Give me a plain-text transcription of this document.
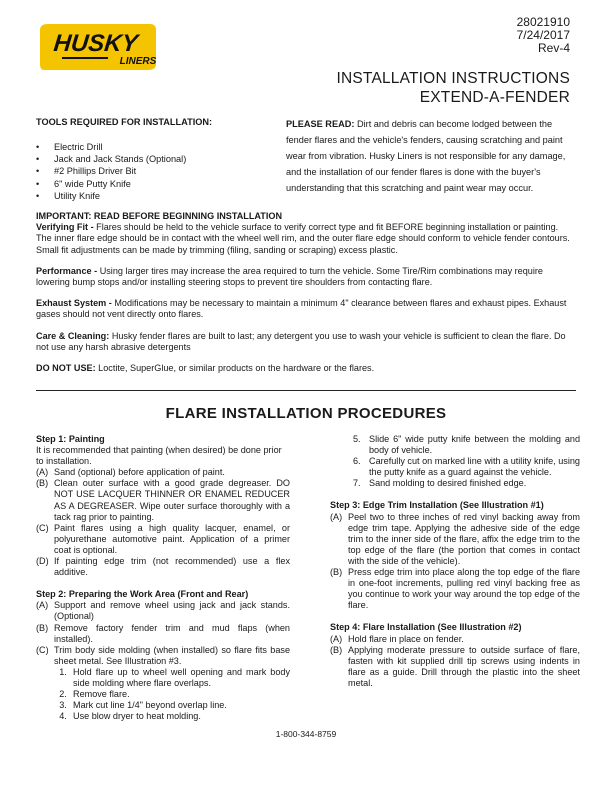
HUSKY
LINERS
28021910
7/24/2017
Rev-4
INSTALLATION INSTRUCTIONS
EXTEND-A-FENDER
TOOLS REQUIRED FOR INSTALLATION:
• Electric Drill
• Jack and Jack Stands (Optional)
• #2 Phillips Driver Bit
• 6" wide Putty Knife
• Utility Knife
PLEASE READ: Dirt and debris can become lodged between the fender flares and the vehicle's fenders, causing scratching and paint wear from vibration. Husky Liners is not responsible for any damage, and the installation of our fender flares is done with the buyer's understanding that this scratching and paint wear may occur.

IMPORTANT: READ BEFORE BEGINNING INSTALLATION

Verifying Fit - Flares should be held to the vehicle surface to verify correct type and fit BEFORE beginning installation or painting. The inner flare edge should be in contact with the wheel well rim, and the outer flare edge should conform to vehicle fender contours. Small fit adjustments can be made by trimming (filing, sanding or scraping) excess plastic.

Performance - Using larger tires may increase the area required to turn the vehicle. Some Tire/Rim combinations may require lowering bump stops and/or installing steering stops to prevent tire shoulders from contacting flare.

Exhaust System - Modifications may be necessary to maintain a minimum 4" clearance between flares and exhaust pipes. Exhaust gases should not vent directly onto flares.

Care & Cleaning: Husky fender flares are built to last; any detergent you use to wash your vehicle is sufficient to clean the flare. Do not use any harsh abrasive detergents

DO NOT USE: Loctite, SuperGlue, or similar products on the hardware or the flares.

FLARE INSTALLATION PROCEDURES
Step 1: Painting
It is recommended that painting (when desired) be done prior to installation.
(A) Sand (optional) before application of paint.
(B) Clean outer surface with a good grade degreaser. DO NOT USE LACQUER THINNER OR ENAMEL REDUCER AS A DEGREASER. Wipe outer surface thoroughly with a tack rag prior to painting.
(C) Paint flares using a high quality lacquer, enamel, or polyurethane automotive paint. Application of a primer coat is optional.
(D) If painting edge trim (not recommended) use a flex additive.
Step 2: Preparing the Work Area (Front and Rear)
(A) Support and remove wheel using jack and jack stands. (Optional)
(B) Remove factory fender trim and mud flaps (when installed).
(C) Trim body side molding (when installed) so flare fits base sheet metal. See Illustration #3.
1. Hold flare up to wheel well opening and mark body side molding where flare overlaps.
2. Remove flare.
3. Mark cut line 1/4" beyond overlap line.
4. Use blow dryer to heat molding.
5. Slide 6" wide putty knife between the molding and body of vehicle.
6. Carefully cut on marked line with a utility knife, using the putty knife as a guard against the vehicle.
7. Sand molding to desired finished edge.
Step 3: Edge Trim Installation (See Illustration #1)
(A) Peel two to three inches of red vinyl backing away from edge trim tape. Applying the adhesive side of the edge trim to the inner side of the flare, affix the edge trim to the top edge of the flare (the portion that comes in contact with the side of the vehicle).
(B) Press edge trim into place along the top edge of the flare in one-foot increments, pulling red vinyl backing free as you continue to work your way around the top edge of the flare.
Step 4: Flare Installation (See Illustration #2)
(A) Hold flare in place on fender.
(B) Applying moderate pressure to outside surface of flare, fasten with kit supplied drill tip screws using indents in flare as a guide. Drill through the plastic into the sheet metal.
1-800-344-8759
